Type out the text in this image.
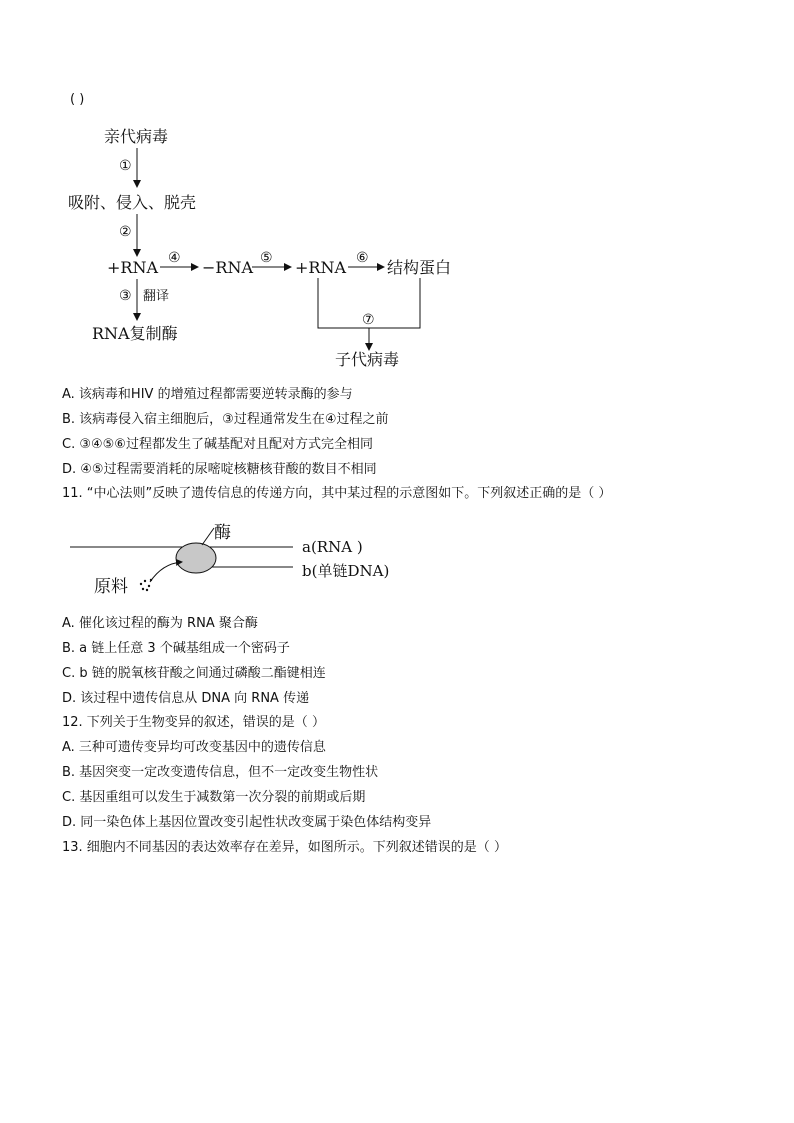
( )
亲代病毒
①
吸附、侵入、脱壳
②
+RNA ④ −RNA ⑤ +RNA ⑥ 结构蛋白
③ 翻译
RNA复制酶
⑦
子代病毒
A. 该病毒和HIV 的增殖过程都需要逆转录酶的参与
B. 该病毒侵入宿主细胞后，③过程通常发生在④过程之前
C. ③④⑤⑥过程都发生了碱基配对且配对方式完全相同
D. ④⑤过程需要消耗的尿嘧啶核糖核苷酸的数目不相同
11. “中心法则”反映了遗传信息的传递方向，其中某过程的示意图如下。下列叙述正确的是（ ）
酶
a(RNA )
b(单链DNA)
原料
A. 催化该过程的酶为 RNA 聚合酶
B. a 链上任意 3 个碱基组成一个密码子
C. b 链的脱氧核苷酸之间通过磷酸二酯键相连
D. 该过程中遗传信息从 DNA 向 RNA 传递
12. 下列关于生物变异的叙述，错误的是（ ）
A. 三种可遗传变异均可改变基因中的遗传信息
B. 基因突变一定改变遗传信息，但不一定改变生物性状
C. 基因重组可以发生于减数第一次分裂的前期或后期
D. 同一染色体上基因位置改变引起性状改变属于染色体结构变异
13. 细胞内不同基因的表达效率存在差异，如图所示。下列叙述错误的是（ ）
